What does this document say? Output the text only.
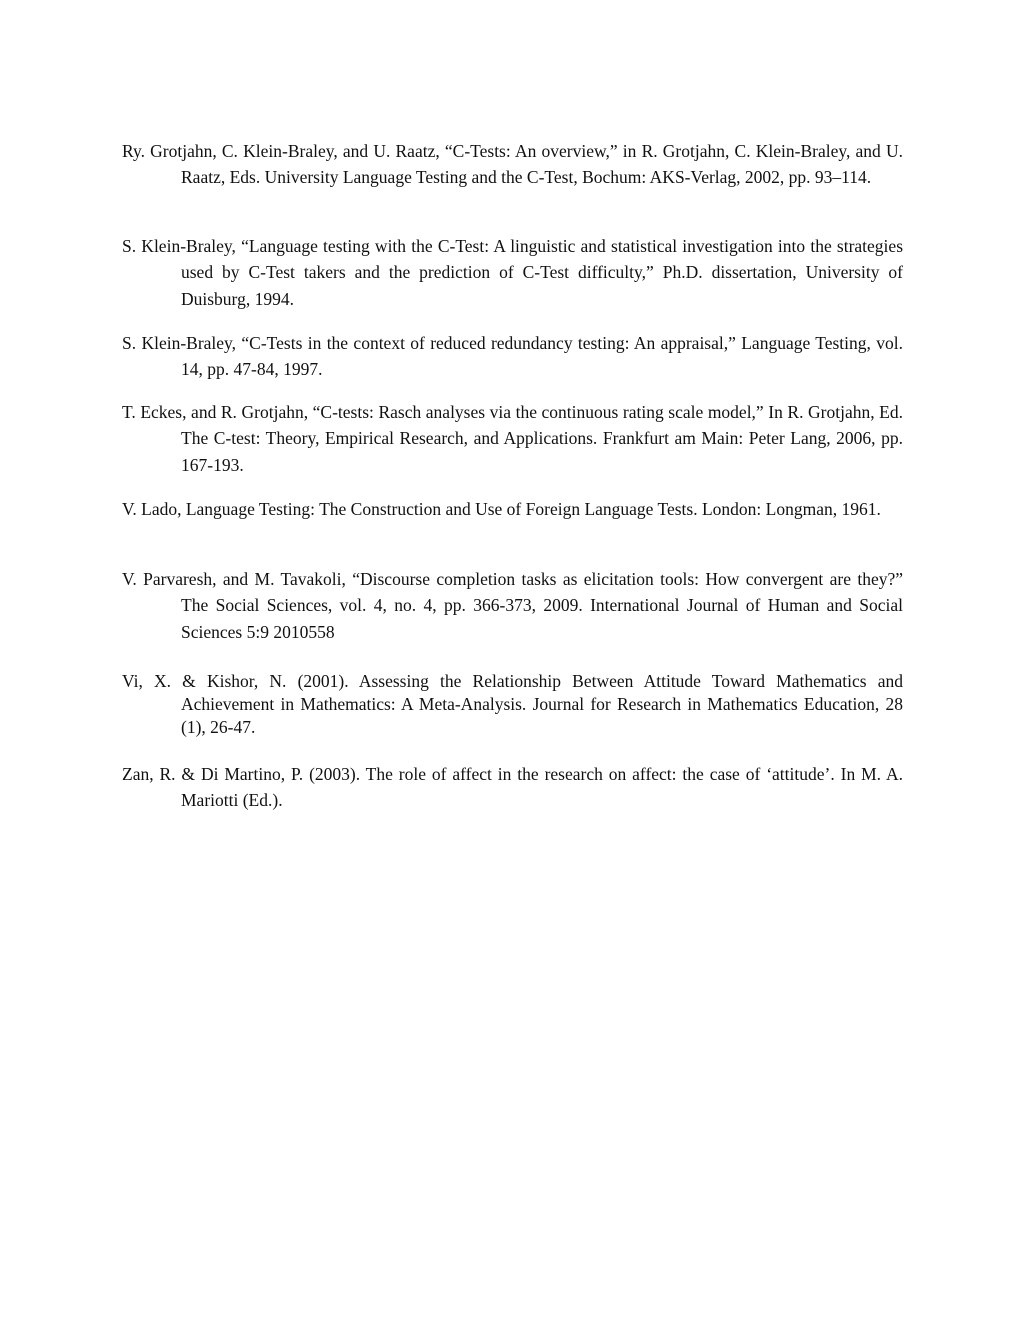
Ry. Grotjahn, C. Klein-Braley, and U. Raatz, “C-Tests: An overview,” in R. Grotjahn, C. Klein-Braley, and U. Raatz, Eds. University Language Testing and the C-Test, Bochum: AKS-Verlag, 2002, pp. 93–114.

S. Klein-Braley, “Language testing with the C-Test: A linguistic and statistical investigation into the strategies used by C-Test takers and the prediction of C-Test difficulty,” Ph.D. dissertation, University of Duisburg, 1994.

S. Klein-Braley, “C-Tests in the context of reduced redundancy testing: An appraisal,” Language Testing, vol. 14, pp. 47-84, 1997.

T. Eckes, and R. Grotjahn, “C-tests: Rasch analyses via the continuous rating scale model,” In R. Grotjahn, Ed. The C-test: Theory, Empirical Research, and Applications. Frankfurt am Main: Peter Lang, 2006, pp. 167-193.

V. Lado, Language Testing: The Construction and Use of Foreign Language Tests. London: Longman, 1961.

V. Parvaresh, and M. Tavakoli, “Discourse completion tasks as elicitation tools: How convergent are they?” The Social Sciences, vol. 4, no. 4, pp. 366-373, 2009. International Journal of Human and Social Sciences 5:9 2010558

Vi, X. & Kishor, N. (2001). Assessing the Relationship Between Attitude Toward Mathematics and Achievement in Mathematics: A Meta-Analysis. Journal for Research in Mathematics Education, 28 (1), 26-47.

Zan, R. & Di Martino, P. (2003). The role of affect in the research on affect: the case of ‘attitude’. In M. A. Mariotti (Ed.).
